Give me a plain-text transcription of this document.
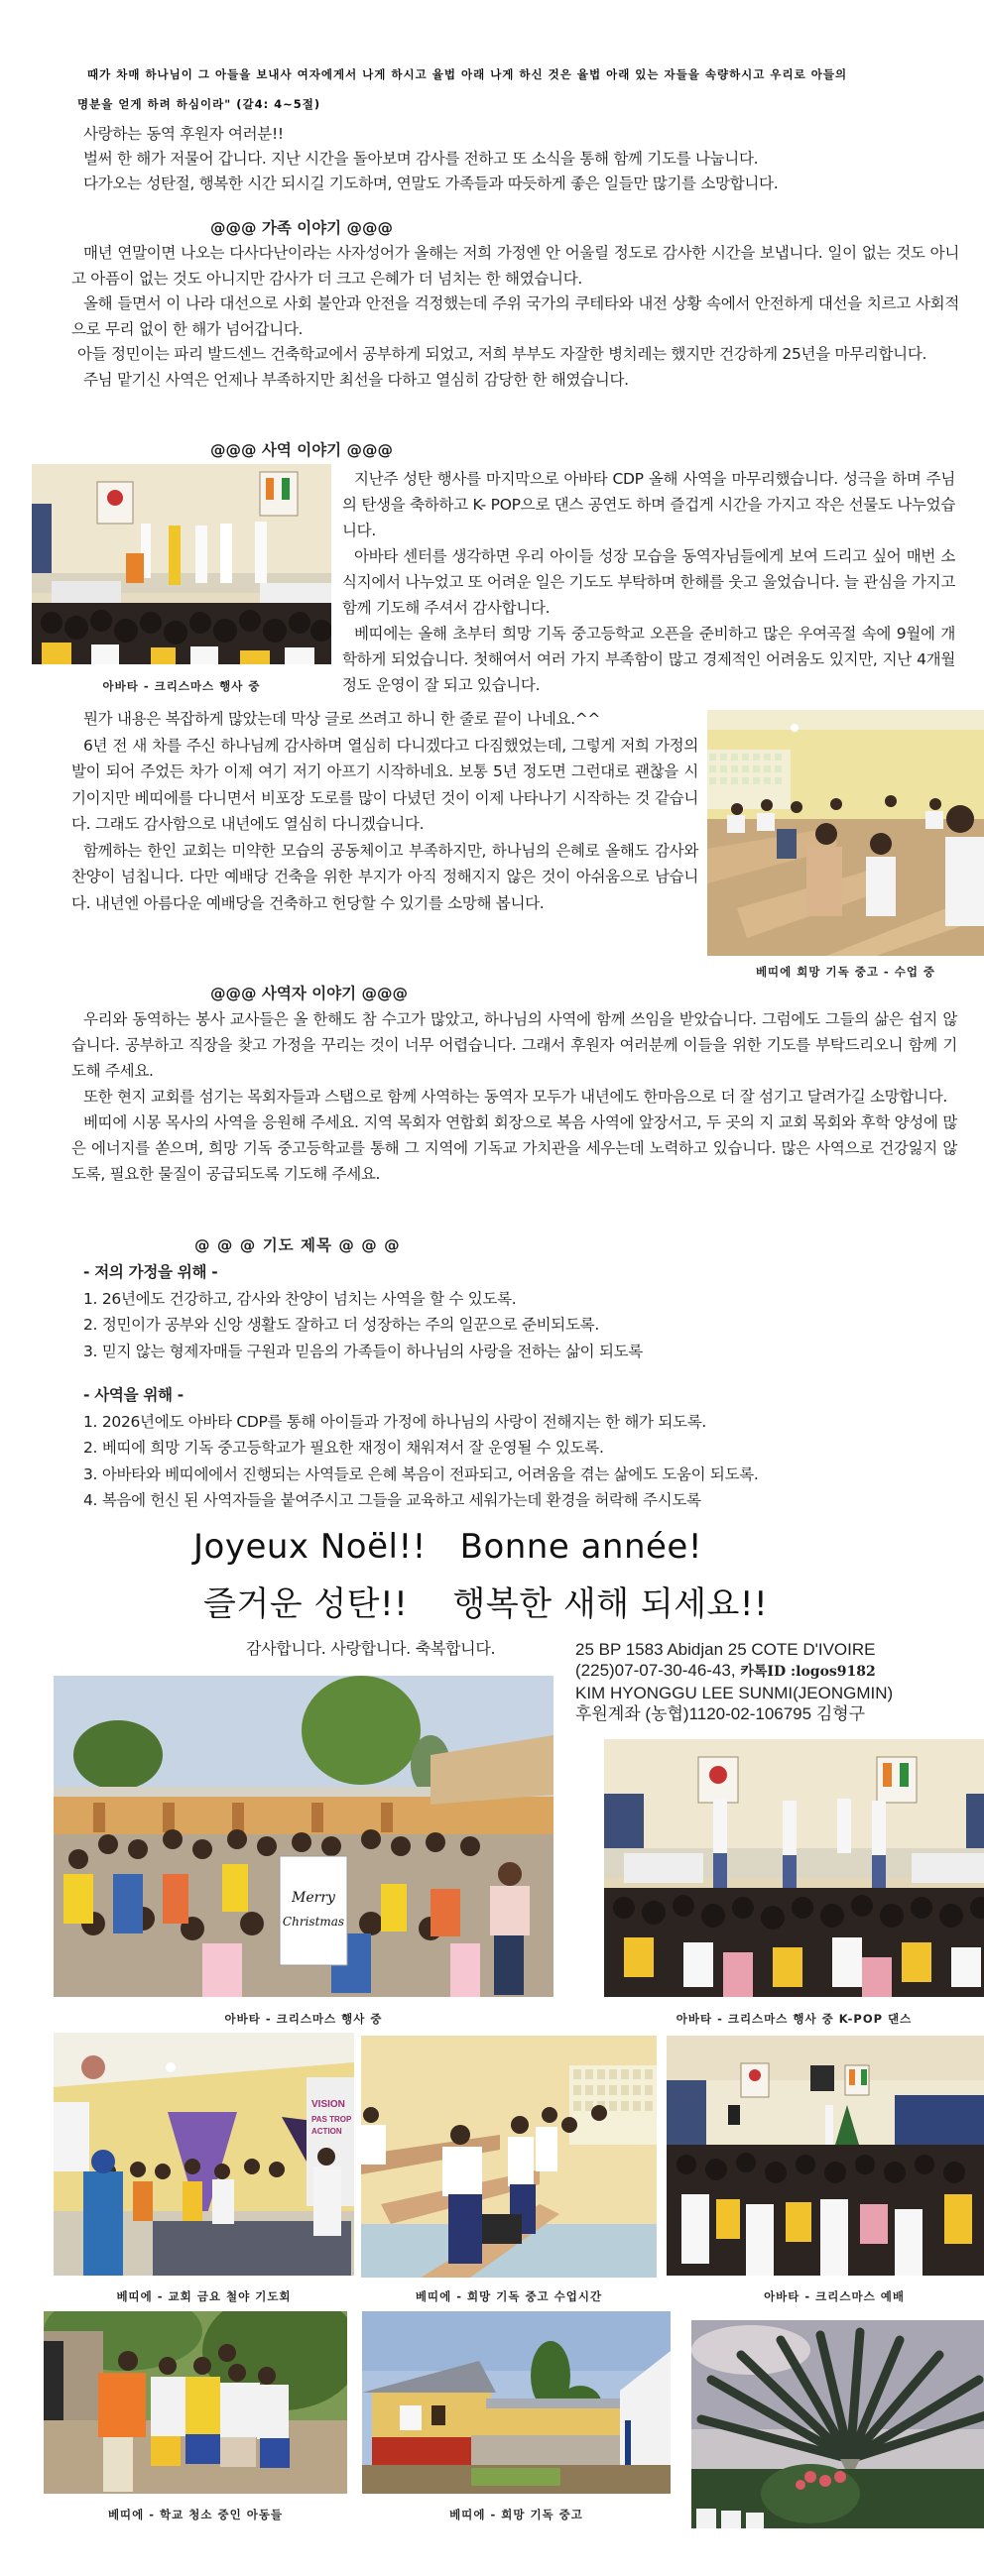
때가 차매 하나님이 그 아들을 보내사 여자에게서 나게 하시고 율법 아래 나게 하신 것은 율법 아래 있는 자들을 속량하시고 우리로 아들의
명분을 얻게 하려 하심이라" (갈4: 4~5절)

사랑하는 동역 후원자 여러분!!

벌써 한 해가 저물어 갑니다. 지난 시간을 돌아보며 감사를 전하고 또 소식을 통해 함께 기도를 나눕니다.

다가오는 성탄절, 행복한 시간 되시길 기도하며, 연말도 가족들과 따듯하게 좋은 일들만 많기를 소망합니다.

@@@ 가족 이야기 @@@

매년 연말이면 나오는 다사다난이라는 사자성어가 올해는 저희 가정엔 안 어울릴 정도로 감사한 시간을 보냅니다. 일이 없는 것도 아니고 아픔이 없는 것도 아니지만 감사가 더 크고 은혜가 더 넘치는 한 해였습니다.

올해 들면서 이 나라 대선으로 사회 불안과 안전을 걱정했는데 주위 국가의 쿠테타와 내전 상황 속에서 안전하게 대선을 치르고 사회적으로 무리 없이 한 해가 넘어갑니다.

아들 정민이는 파리 발드센느 건축학교에서 공부하게 되었고, 저희 부부도 자잘한 병치레는 했지만 건강하게 25년을 마무리합니다.

주님 맡기신 사역은 언제나 부족하지만 최선을 다하고 열심히 감당한 한 해였습니다.

@@@ 사역 이야기 @@@
아바타 - 크리스마스 행사 중

지난주 성탄 행사를 마지막으로 아바타 CDP 올해 사역을 마무리했습니다. 성극을 하며 주님의 탄생을 축하하고 K- POP으로 댄스 공연도 하며 즐겁게 시간을 가지고 작은 선물도 나누었습니다.

아바타 센터를 생각하면 우리 아이들 성장 모습을 동역자님들에게 보여 드리고 싶어 매번 소식지에서 나누었고 또 어려운 일은 기도도 부탁하며 한해를 웃고 울었습니다. 늘 관심을 가지고 함께 기도해 주셔서 감사합니다.

베띠에는 올해 초부터 희망 기독 중고등학교 오픈을 준비하고 많은 우여곡절 속에 9월에 개학하게 되었습니다. 첫해여서 여러 가지 부족함이 많고 경제적인 어려움도 있지만, 지난 4개월 정도 운영이 잘 되고 있습니다.

뭔가 내용은 복잡하게 많았는데 막상 글로 쓰려고 하니 한 줄로 끝이 나네요.^^

6년 전 새 차를 주신 하나님께 감사하며 열심히 다니겠다고 다짐했었는데, 그렇게 저희 가정의 발이 되어 주었든 차가 이제 여기 저기 아프기 시작하네요. 보통 5년 정도면 그런대로 괜찮을 시기이지만 베띠에를 다니면서 비포장 도로를 많이 다녔던 것이 이제 나타나기 시작하는 것 같습니다. 그래도 감사함으로 내년에도 열심히 다니겠습니다.

함께하는 한인 교회는 미약한 모습의 공동체이고 부족하지만, 하나님의 은혜로 올해도 감사와 찬양이 넘칩니다. 다만 예배당 건축을 위한 부지가 아직 정해지지 않은 것이 아쉬움으로 남습니다. 내년엔 아름다운 예배당을 건축하고 헌당할 수 있기를 소망해 봅니다.

베띠에 희망 기독 중고 - 수업 중
@@@ 사역자 이야기 @@@

우리와 동역하는 봉사 교사들은 올 한해도 참 수고가 많았고, 하나님의 사역에 함께 쓰임을 받았습니다. 그럼에도 그들의 삶은 쉽지 않습니다. 공부하고 직장을 찾고 가정을 꾸리는 것이 너무 어렵습니다. 그래서 후원자 여러분께 이들을 위한 기도를 부탁드리오니 함께 기도해 주세요.

또한 현지 교회를 섬기는 목회자들과 스탭으로 함께 사역하는 동역자 모두가 내년에도 한마음으로 더 잘 섬기고 달려가길 소망합니다.

베띠에 시몽 목사의 사역을 응원해 주세요. 지역 목회자 연합회 회장으로 복음 사역에 앞장서고, 두 곳의 지 교회 목회와 후학 양성에 많은 에너지를 쏟으며, 희망 기독 중고등학교를 통해 그 지역에 기독교 가치관을 세우는데 노력하고 있습니다. 많은 사역으로 건강잃지 않도록, 필요한 물질이 공급되도록 기도해 주세요.

@ @ @ 기도 제목 @ @ @

- 저의 가정을 위해 -

1. 26년에도 건강하고, 감사와 찬양이 넘치는 사역을 할 수 있도록.
2. 정민이가 공부와 신앙 생활도 잘하고 더 성장하는 주의 일꾼으로 준비되도록.
3. 믿지 않는 형제자매들 구원과 믿음의 가족들이 하나님의 사랑을 전하는 삶이 되도록

- 사역을 위해 -

1. 2026년에도 아바타 CDP를 통해 아이들과 가정에 하나님의 사랑이 전해지는 한 해가 되도록.
2. 베띠에 희망 기독 중고등학교가 필요한 재정이 채워져서 잘 운영될 수 있도록.
3. 아바타와 베띠에에서 진행되는 사역들로 은혜 복음이 전파되고, 어려움을 겪는 삶에도 도움이 되도록.
4. 복음에 헌신 된 사역자들을 붙여주시고 그들을 교육하고 세워가는데 환경을 허락해 주시도록
Joyeux Noël!!   Bonne année!
즐거운 성탄!!    행복한 새해 되세요!!
감사합니다. 사랑합니다. 축복합니다.	25 BP 1583 Abidjan 25 COTE D'IVOIRE
(225)07-07-30-46-43, 카톡ID :logos9182
KIM HYONGGU LEE SUNMI(JEONGMIN)
후원계좌 (농협)1120-02-106795 김형구
Merry
Christmas
아바타 - 크리스마스 행사 중	아바타 - 크리스마스 행사 중 K-POP 댄스
VISION
PAS TROP
ACTION
베띠에 - 교회 금요 철야 기도회	베띠에 - 희망 기독 중고 수업시간	아바타 - 크리스마스 예배
베띠에 - 학교 청소 중인 아동들	베띠에 - 희망 기독 중고
